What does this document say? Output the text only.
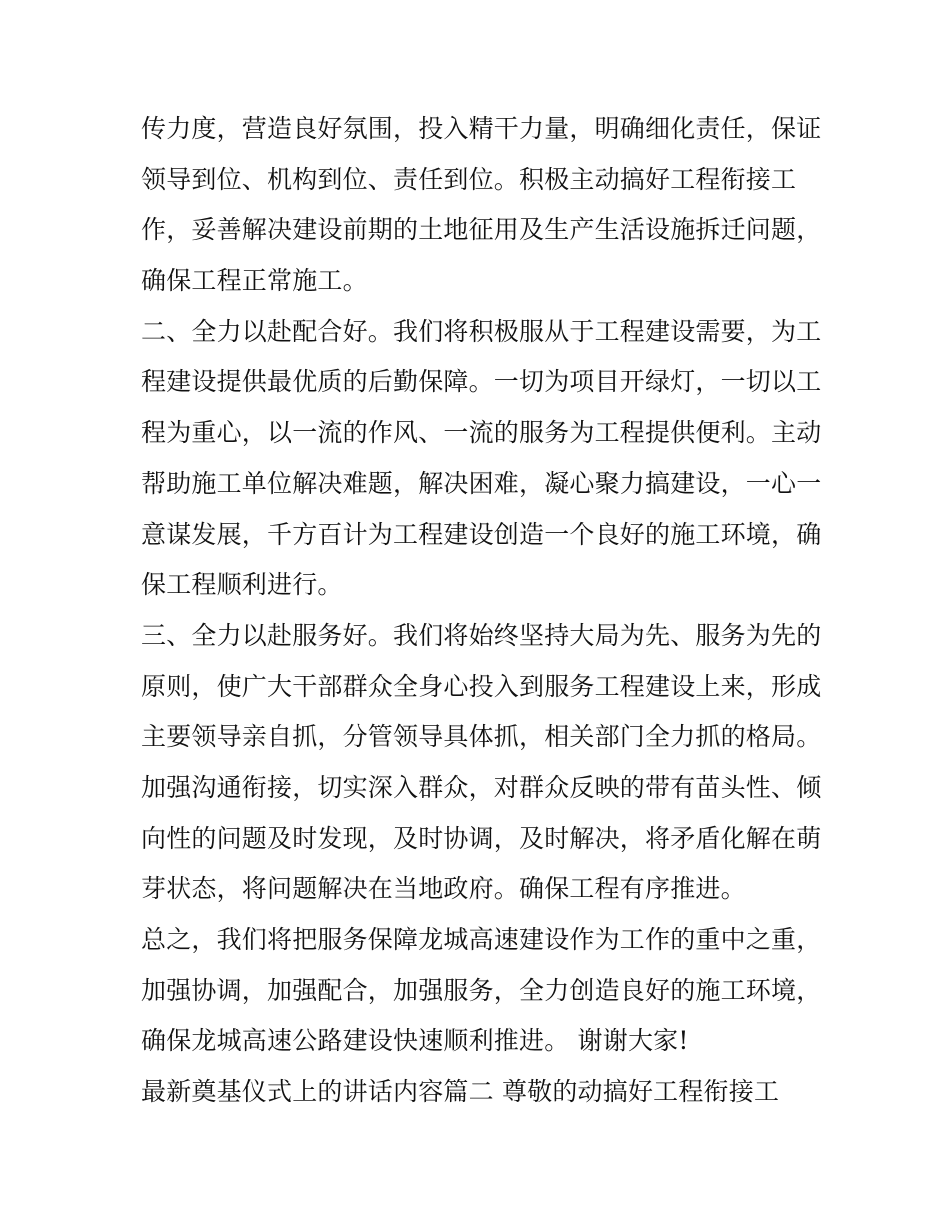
传力度，营造良好氛围，投入精干力量，明确细化责任，保证
领导到位、机构到位、责任到位。积极主动搞好工程衔接工
作，妥善解决建设前期的土地征用及生产生活设施拆迁问题，
确保工程正常施工。
二、全力以赴配合好。我们将积极服从于工程建设需要，为工
程建设提供最优质的后勤保障。一切为项目开绿灯，一切以工
程为重心，以一流的作风、一流的服务为工程提供便利。主动
帮助施工单位解决难题，解决困难，凝心聚力搞建设，一心一
意谋发展，千方百计为工程建设创造一个良好的施工环境，确
保工程顺利进行。
三、全力以赴服务好。我们将始终坚持大局为先、服务为先的
原则，使广大干部群众全身心投入到服务工程建设上来，形成
主要领导亲自抓，分管领导具体抓，相关部门全力抓的格局。
加强沟通衔接，切实深入群众，对群众反映的带有苗头性、倾
向性的问题及时发现，及时协调，及时解决，将矛盾化解在萌
芽状态，将问题解决在当地政府。确保工程有序推进。
总之，我们将把服务保障龙城高速建设作为工作的重中之重，
加强协调，加强配合，加强服务，全力创造良好的施工环境，
确保龙城高速公路建设快速顺利推进。 谢谢大家!
最新奠基仪式上的讲话内容篇二 尊敬的动搞好工程衔接工
